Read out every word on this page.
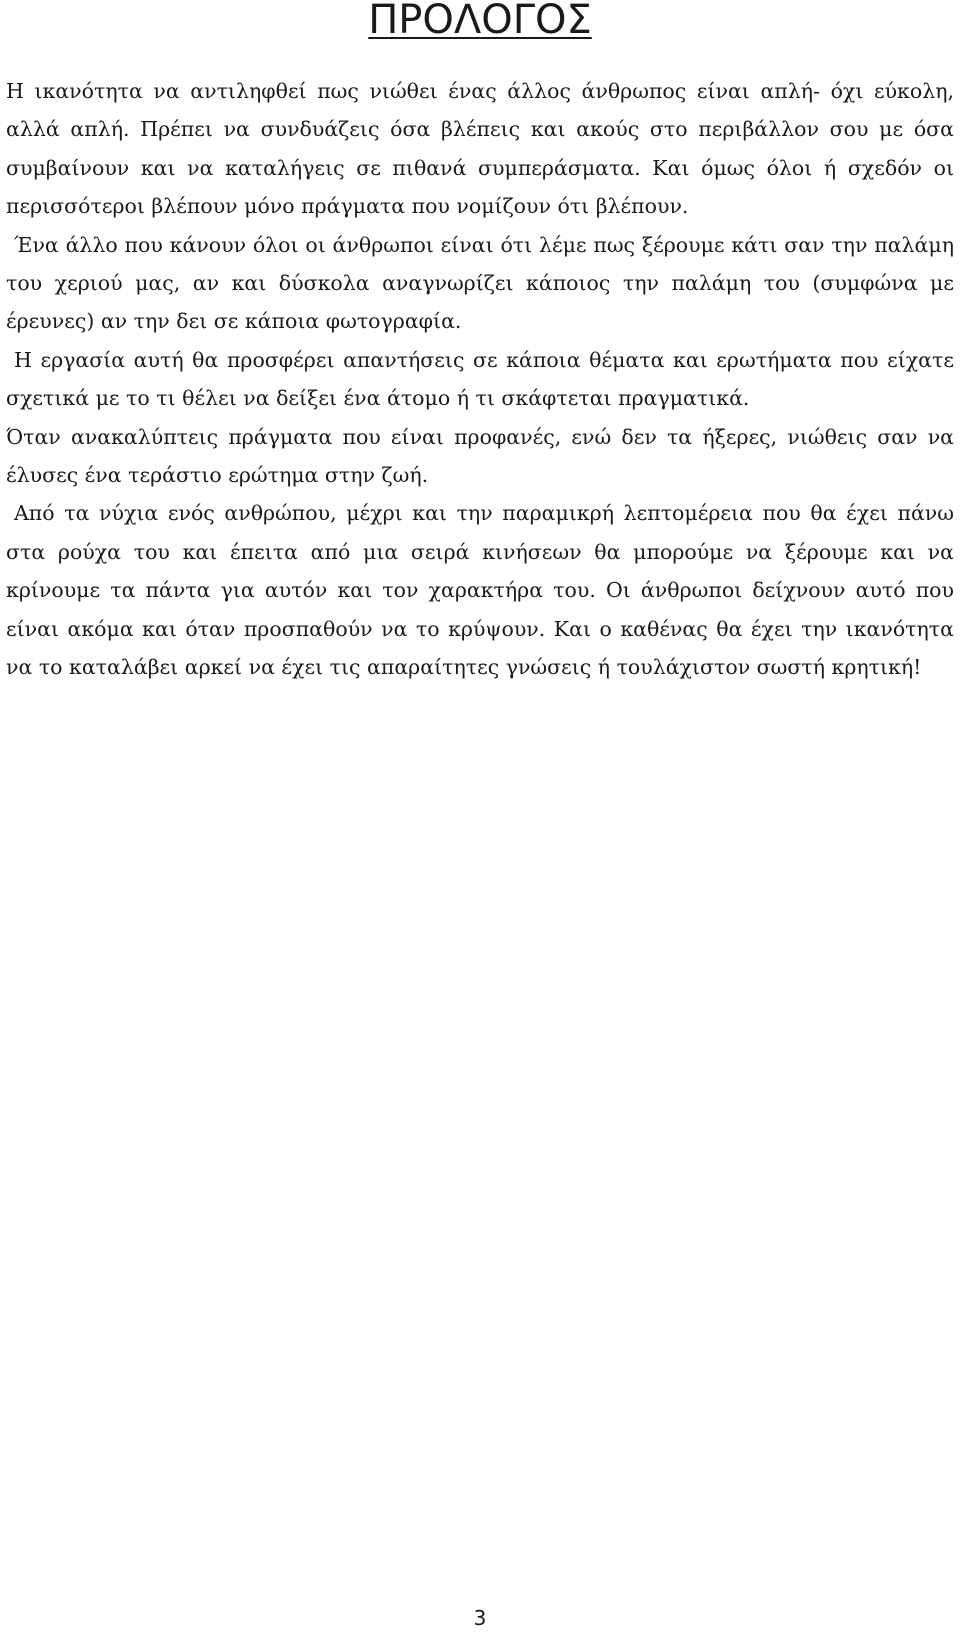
ΠΡΟΛΟΓΟΣ

Η ικανότητα να αντιληφθεί πως νιώθει ένας άλλος άνθρωπος είναι απλή- όχι εύκολη, αλλά απλή. Πρέπει να συνδυάζεις όσα βλέπεις και ακούς στο περιβάλλον σου με όσα συμβαίνουν και να καταλήγεις σε πιθανά συμπεράσματα. Και όμως όλοι ή σχεδόν οι περισσότεροι βλέπουν μόνο πράγματα που νομίζουν ότι βλέπουν.

Ένα άλλο που κάνουν όλοι οι άνθρωποι είναι ότι λέμε πως ξέρουμε κάτι σαν την παλάμη του χεριού μας, αν και δύσκολα αναγνωρίζει κάποιος την παλάμη του (συμφώνα με έρευνες) αν την δει σε κάποια φωτογραφία.

Η εργασία αυτή θα προσφέρει απαντήσεις σε κάποια θέματα και ερωτήματα που είχατε σχετικά με το τι θέλει να δείξει ένα άτομο ή τι σκάφτεται πραγματικά.

Όταν ανακαλύπτεις πράγματα που είναι προφανές, ενώ δεν τα ήξερες, νιώθεις σαν να έλυσες ένα τεράστιο ερώτημα στην ζωή.

Από τα νύχια ενός ανθρώπου, μέχρι και την παραμικρή λεπτομέρεια που θα έχει πάνω στα ρούχα του και έπειτα από μια σειρά κινήσεων θα μπορούμε να ξέρουμε και να κρίνουμε τα πάντα για αυτόν και τον χαρακτήρα του. Οι άνθρωποι δείχνουν αυτό που είναι ακόμα και όταν προσπαθούν να το κρύψουν. Και ο καθένας θα έχει την ικανότητα να το καταλάβει αρκεί να έχει τις απαραίτητες γνώσεις ή τουλάχιστον σωστή κρητική!

3
